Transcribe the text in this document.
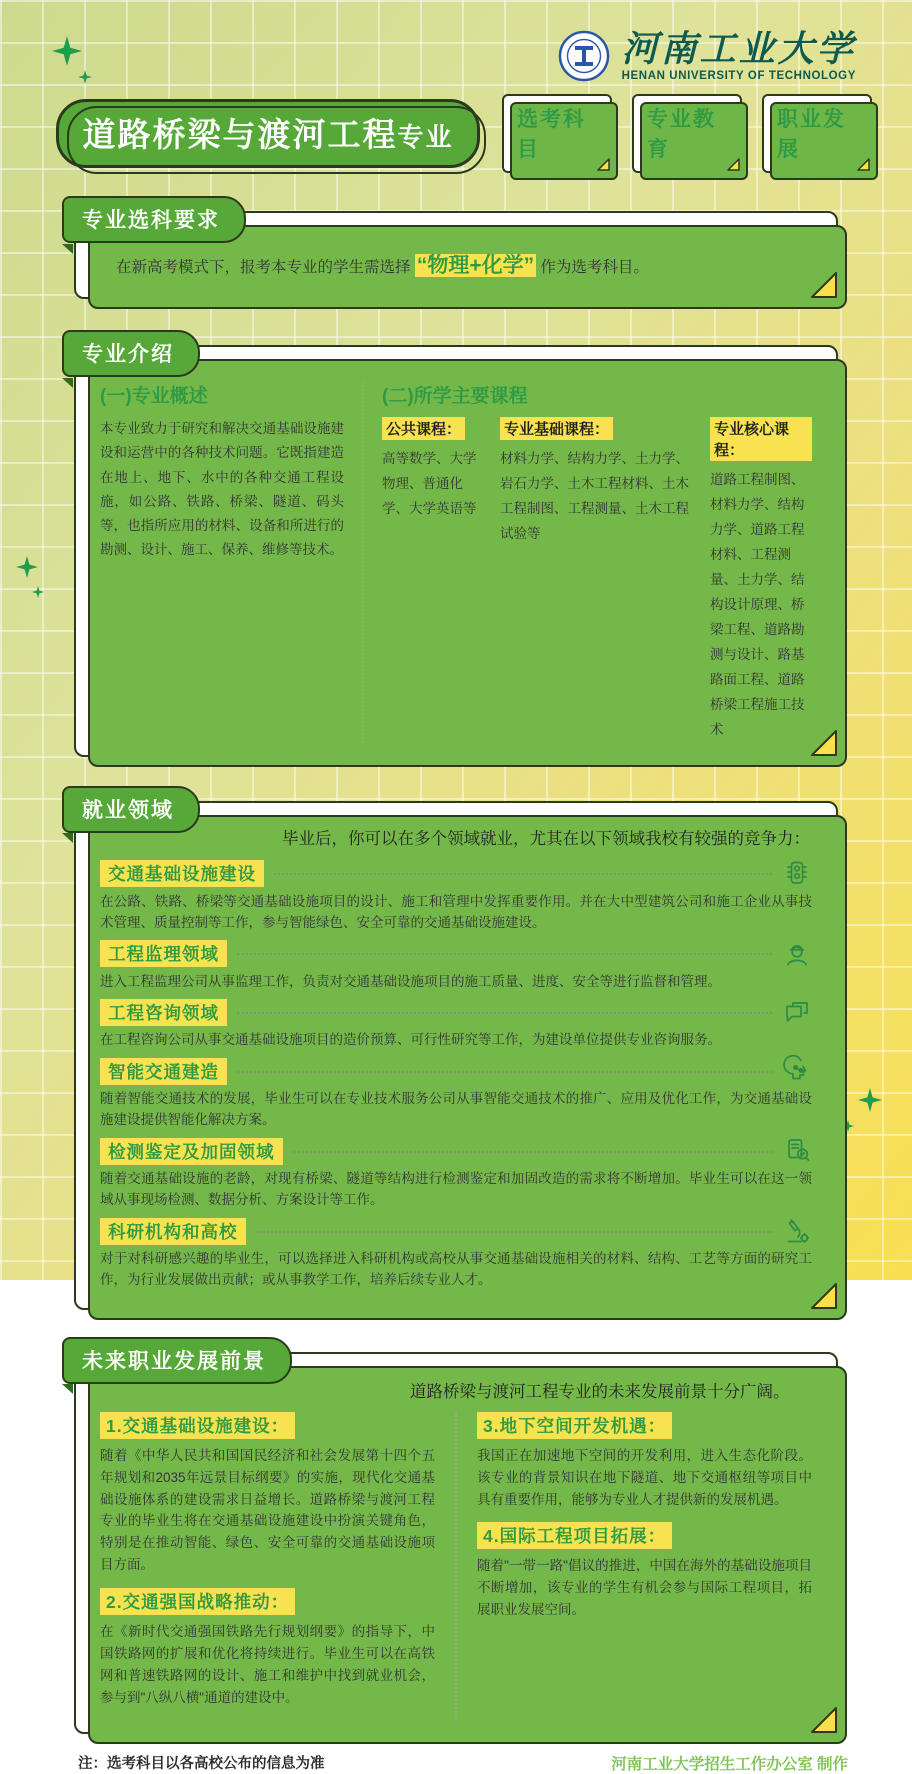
河南工业大学
HENAN UNIVERSITY OF TECHNOLOGY
道路桥梁与渡河工程专业
选考科目
专业教育
职业发展
专业选科要求

在新高考模式下，报考本专业的学生需选择 “物理+化学” 作为选考科目。

专业介绍
(一)专业概述

本专业致力于研究和解决交通基础设施建设和运营中的各种技术问题。它既指建造在地上、地下、水中的各种交通工程设施，如公路、铁路、桥梁、隧道、码头等，也指所应用的材料、设备和所进行的勘测、设计、施工、保养、维修等技术。

(二)所学主要课程
公共课程：
高等数学、大学物理、普通化学、大学英语等
专业基础课程：
材料力学、结构力学、土力学、岩石力学、土木工程材料、土木工程制图、工程测量、土木工程试验等
专业核心课程：
道路工程制图、材料力学、结构力学、道路工程材料、工程测量、土力学、结构设计原理、桥梁工程、道路勘测与设计、路基路面工程、道路桥梁工程施工技术
就业领域

毕业后，你可以在多个领域就业，尤其在以下领域我校有较强的竞争力：

交通基础设施建设

在公路、铁路、桥梁等交通基础设施项目的设计、施工和管理中发挥重要作用。并在大中型建筑公司和施工企业从事技术管理、质量控制等工作，参与智能绿色、安全可靠的交通基础设施建设。

工程监理领域

进入工程监理公司从事监理工作，负责对交通基础设施项目的施工质量、进度、安全等进行监督和管理。

工程咨询领域

在工程咨询公司从事交通基础设施项目的造价预算、可行性研究等工作，为建设单位提供专业咨询服务。

智能交通建造

随着智能交通技术的发展，毕业生可以在专业技术服务公司从事智能交通技术的推广、应用及优化工作，为交通基础设施建设提供智能化解决方案。

检测鉴定及加固领域

随着交通基础设施的老龄，对现有桥梁、隧道等结构进行检测鉴定和加固改造的需求将不断增加。毕业生可以在这一领域从事现场检测、数据分析、方案设计等工作。

科研机构和高校

对于对科研感兴趣的毕业生，可以选择进入科研机构或高校从事交通基础设施相关的材料、结构、工艺等方面的研究工作，为行业发展做出贡献；或从事教学工作，培养后续专业人才。

未来职业发展前景

道路桥梁与渡河工程专业的未来发展前景十分广阔。

1.交通基础设施建设：

随着《中华人民共和国国民经济和社会发展第十四个五年规划和2035年远景目标纲要》的实施，现代化交通基础设施体系的建设需求日益增长。道路桥梁与渡河工程专业的毕业生将在交通基础设施建设中扮演关键角色，特别是在推动智能、绿色、安全可靠的交通基础设施项目方面。

2.交通强国战略推动：

在《新时代交通强国铁路先行规划纲要》的指导下，中国铁路网的扩展和优化将持续进行。毕业生可以在高铁网和普速铁路网的设计、施工和维护中找到就业机会，参与到"八纵八横"通道的建设中。

3.地下空间开发机遇：

我国正在加速地下空间的开发利用，进入生态化阶段。该专业的背景知识在地下隧道、地下交通枢纽等项目中具有重要作用，能够为专业人才提供新的发展机遇。

4.国际工程项目拓展：

随着"一带一路"倡议的推进，中国在海外的基础设施项目不断增加，该专业的学生有机会参与国际工程项目，拓展职业发展空间。

注：选考科目以各高校公布的信息为准	河南工业大学招生工作办公室 制作
